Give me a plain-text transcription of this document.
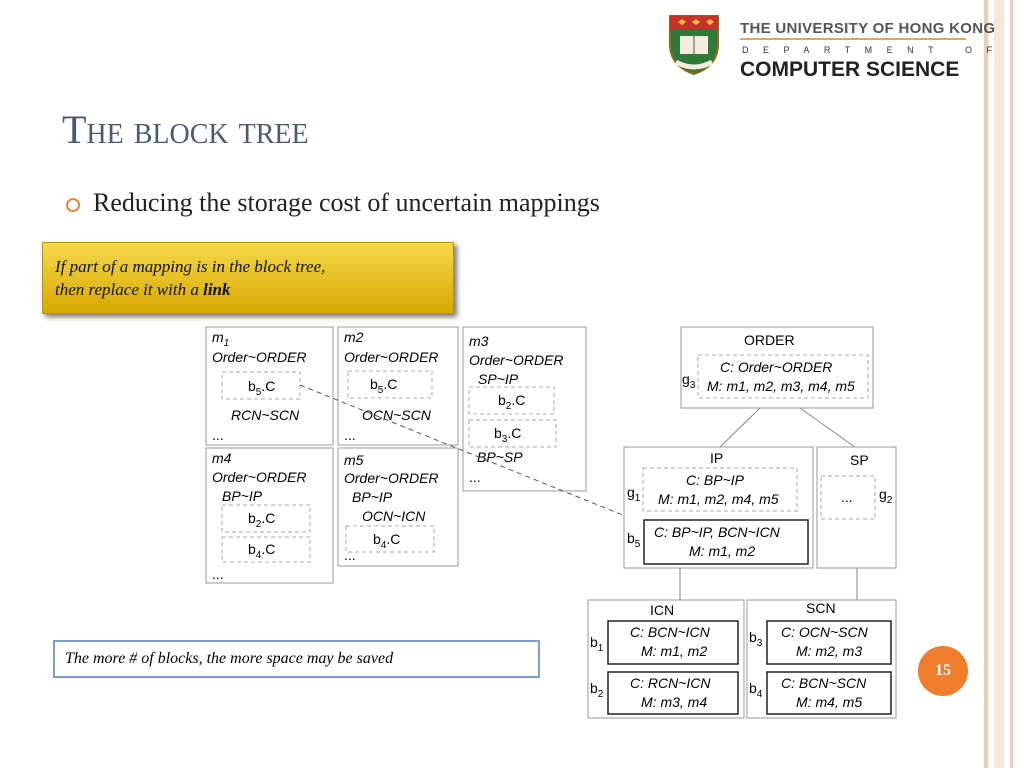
THE UNIVERSITY OF HONG KONG
DEPARTMENT OF
COMPUTER SCIENCE
The block tree
Reducing the storage cost of uncertain mappings

If part of a mapping is in the block tree,
then replace it with a link

$m_1$
Order~ORDER
$b_5.C$
RCN~SCN
...
m2
Order~ORDER
$b_5.C$
OCN~SCN
...
m3
Order~ORDER
SP~IP
$b_2.C$
$b_3.C$
BP~SP
...
m4
Order~ORDER
BP~IP
$b_2.C$
$b_4.C$
...
m5
Order~ORDER
BP~IP
OCN~ICN
$b_4.C$
...
ORDER
$g_3$
C: Order~ORDER
M: m1, m2, m3, m4, m5
IP
$g_1$
C: BP~IP
M: m1, m2, m4, m5
$b_5$
C: BP~IP, BCN~ICN
M: m1, m2
SP
... $g_2$
ICN
$b_1$
C: BCN~ICN
M: m1, m2
$b_2$
C: RCN~ICN
M: m3, m4
SCN
$b_3$
C: OCN~SCN
M: m2, m3
$b_4$
C: BCN~SCN
M: m4, m5
The more # of blocks, the more space may be saved
15
